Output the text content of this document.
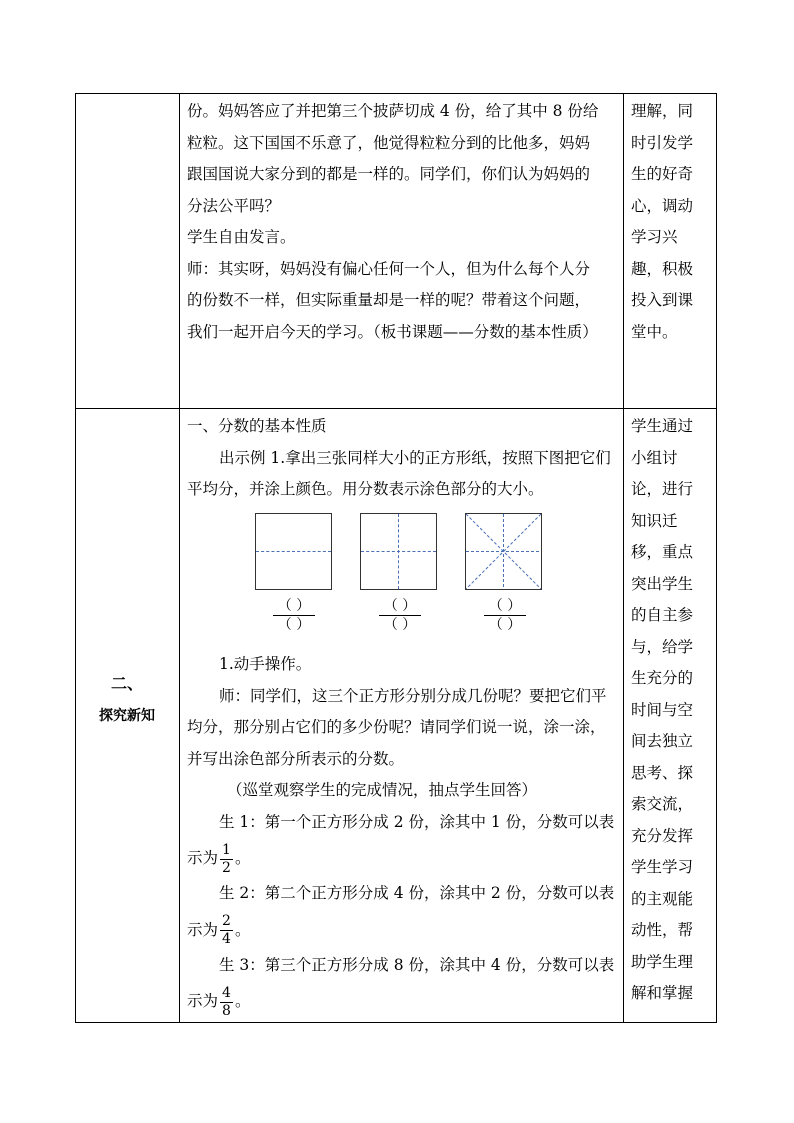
份。妈妈答应了并把第三个披萨切成 4 份，给了其中 8 份给

粒粒。这下国国不乐意了，他觉得粒粒分到的比他多，妈妈

跟国国说大家分到的都是一样的。同学们，你们认为妈妈的

分法公平吗？

学生自由发言。

师：其实呀，妈妈没有偏心任何一个人，但为什么每个人分

的份数不一样，但实际重量却是一样的呢？带着这个问题，

我们一起开启今天的学习。（板书课题——分数的基本性质）

理解，同
时引发学
生的好奇
心，调动
学习兴
趣，积极
投入到课
堂中。
二、
探究新知

一、分数的基本性质

出示例 1.拿出三张同样大小的正方形纸，按照下图把它们

平均分，并涂上颜色。用分数表示涂色部分的大小。

（ ）
（ ）
（ ）
（ ）
（ ）
（ ）

1.动手操作。

师：同学们，这三个正方形分别分成几份呢？要把它们平

均分，那分别占它们的多少份呢？请同学们说一说，涂一涂，

并写出涂色部分所表示的分数。

（巡堂观察学生的完成情况，抽点学生回答）

生 1：第一个正方形分成 2 份，涂其中 1 份，分数可以表

示为 $\frac{1}{2}$ 。

生 2：第二个正方形分成 4 份，涂其中 2 份，分数可以表

示为 $\frac{2}{4}$ 。

生 3：第三个正方形分成 8 份，涂其中 4 份，分数可以表

示为 $\frac{4}{8}$ 。

学生通过
小组讨
论，进行
知识迁
移，重点
突出学生
的自主参
与，给学
生充分的
时间与空
间去独立
思考、探
索交流，
充分发挥
学生学习
的主观能
动性，帮
助学生理
解和掌握
